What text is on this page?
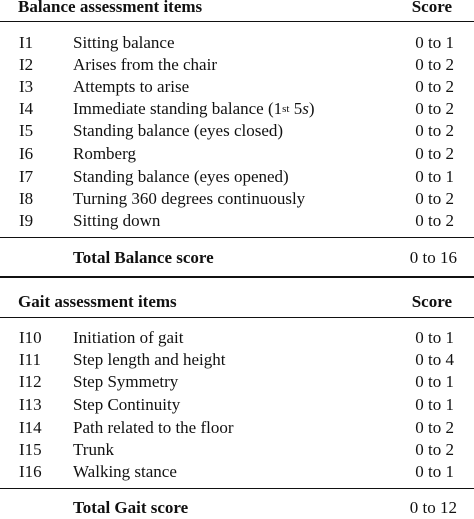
Balance assessment items	Score
I1 Sitting balance	0 to 1
I2 Arises from the chair	0 to 2
I3 Attempts to arise	0 to 2
I4 Immediate standing balance (1st 5s)	0 to 2
I5 Standing balance (eyes closed)	0 to 2
I6 Romberg	0 to 2
I7 Standing balance (eyes opened)	0 to 1
I8 Turning 360 degrees continuously	0 to 2
I9 Sitting down	0 to 2
Total Balance score	0 to 16
Gait assessment items	Score
I10 Initiation of gait	0 to 1
I11 Step length and height	0 to 4
I12 Step Symmetry	0 to 1
I13 Step Continuity	0 to 1
I14 Path related to the floor	0 to 2
I15 Trunk	0 to 2
I16 Walking stance	0 to 1
Total Gait score	0 to 12
